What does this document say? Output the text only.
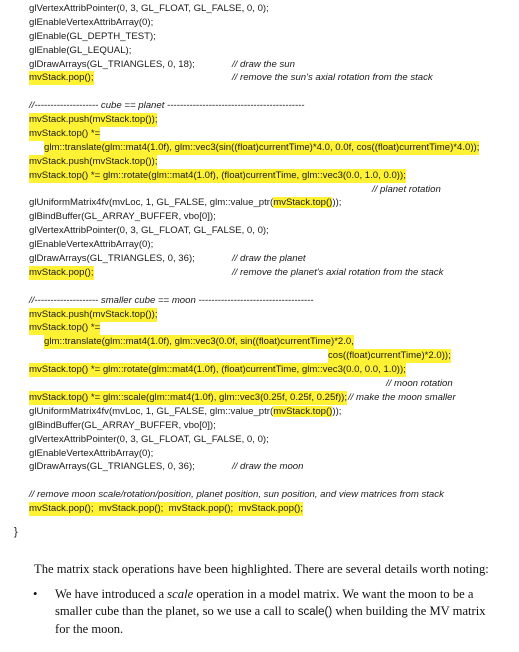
glVertexAttribPointer(0, 3, GL_FLOAT, GL_FALSE, 0, 0);
glEnableVertexAttribArray(0);
glEnable(GL_DEPTH_TEST);
glEnable(GL_LEQUAL);
glDrawArrays(GL_TRIANGLES, 0, 18);	// draw the sun
mvStack.pop();	// remove the sun's axial rotation from the stack
//-------------------- cube == planet -------------------------------------------
mvStack.push(mvStack.top());
mvStack.top() *=
glm::translate(glm::mat4(1.0f), glm::vec3(sin((float)currentTime)*4.0, 0.0f, cos((float)currentTime)*4.0));
mvStack.push(mvStack.top());
mvStack.top() *= glm::rotate(glm::mat4(1.0f), (float)currentTime, glm::vec3(0.0, 1.0, 0.0));
// planet rotation
glUniformMatrix4fv(mvLoc, 1, GL_FALSE, glm::value_ptr(mvStack.top()));
glBindBuffer(GL_ARRAY_BUFFER, vbo[0]);
glVertexAttribPointer(0, 3, GL_FLOAT, GL_FALSE, 0, 0);
glEnableVertexAttribArray(0);
glDrawArrays(GL_TRIANGLES, 0, 36);	// draw the planet
mvStack.pop();	// remove the planet's axial rotation from the stack
//-------------------- smaller cube == moon ------------------------------------
mvStack.push(mvStack.top());
mvStack.top() *=
glm::translate(glm::mat4(1.0f), glm::vec3(0.0f, sin((float)currentTime)*2.0,
cos((float)currentTime)*2.0));
mvStack.top() *= glm::rotate(glm::mat4(1.0f), (float)currentTime, glm::vec3(0.0, 0.0, 1.0));
// moon rotation
mvStack.top() *= glm::scale(glm::mat4(1.0f), glm::vec3(0.25f, 0.25f, 0.25f)); // make the moon smaller
glUniformMatrix4fv(mvLoc, 1, GL_FALSE, glm::value_ptr(mvStack.top()));
glBindBuffer(GL_ARRAY_BUFFER, vbo[0]);
glVertexAttribPointer(0, 3, GL_FLOAT, GL_FALSE, 0, 0);
glEnableVertexAttribArray(0);
glDrawArrays(GL_TRIANGLES, 0, 36);	// draw the moon
// remove moon scale/rotation/position, planet position, sun position, and view matrices from stack
mvStack.pop();  mvStack.pop();  mvStack.pop();  mvStack.pop();
}

The matrix stack operations have been highlighted. There are several details worth noting:

• We have introduced a scale operation in a model matrix. We want the moon to be a smaller cube than the planet, so we use a call to scale() when building the MV matrix for the moon.
